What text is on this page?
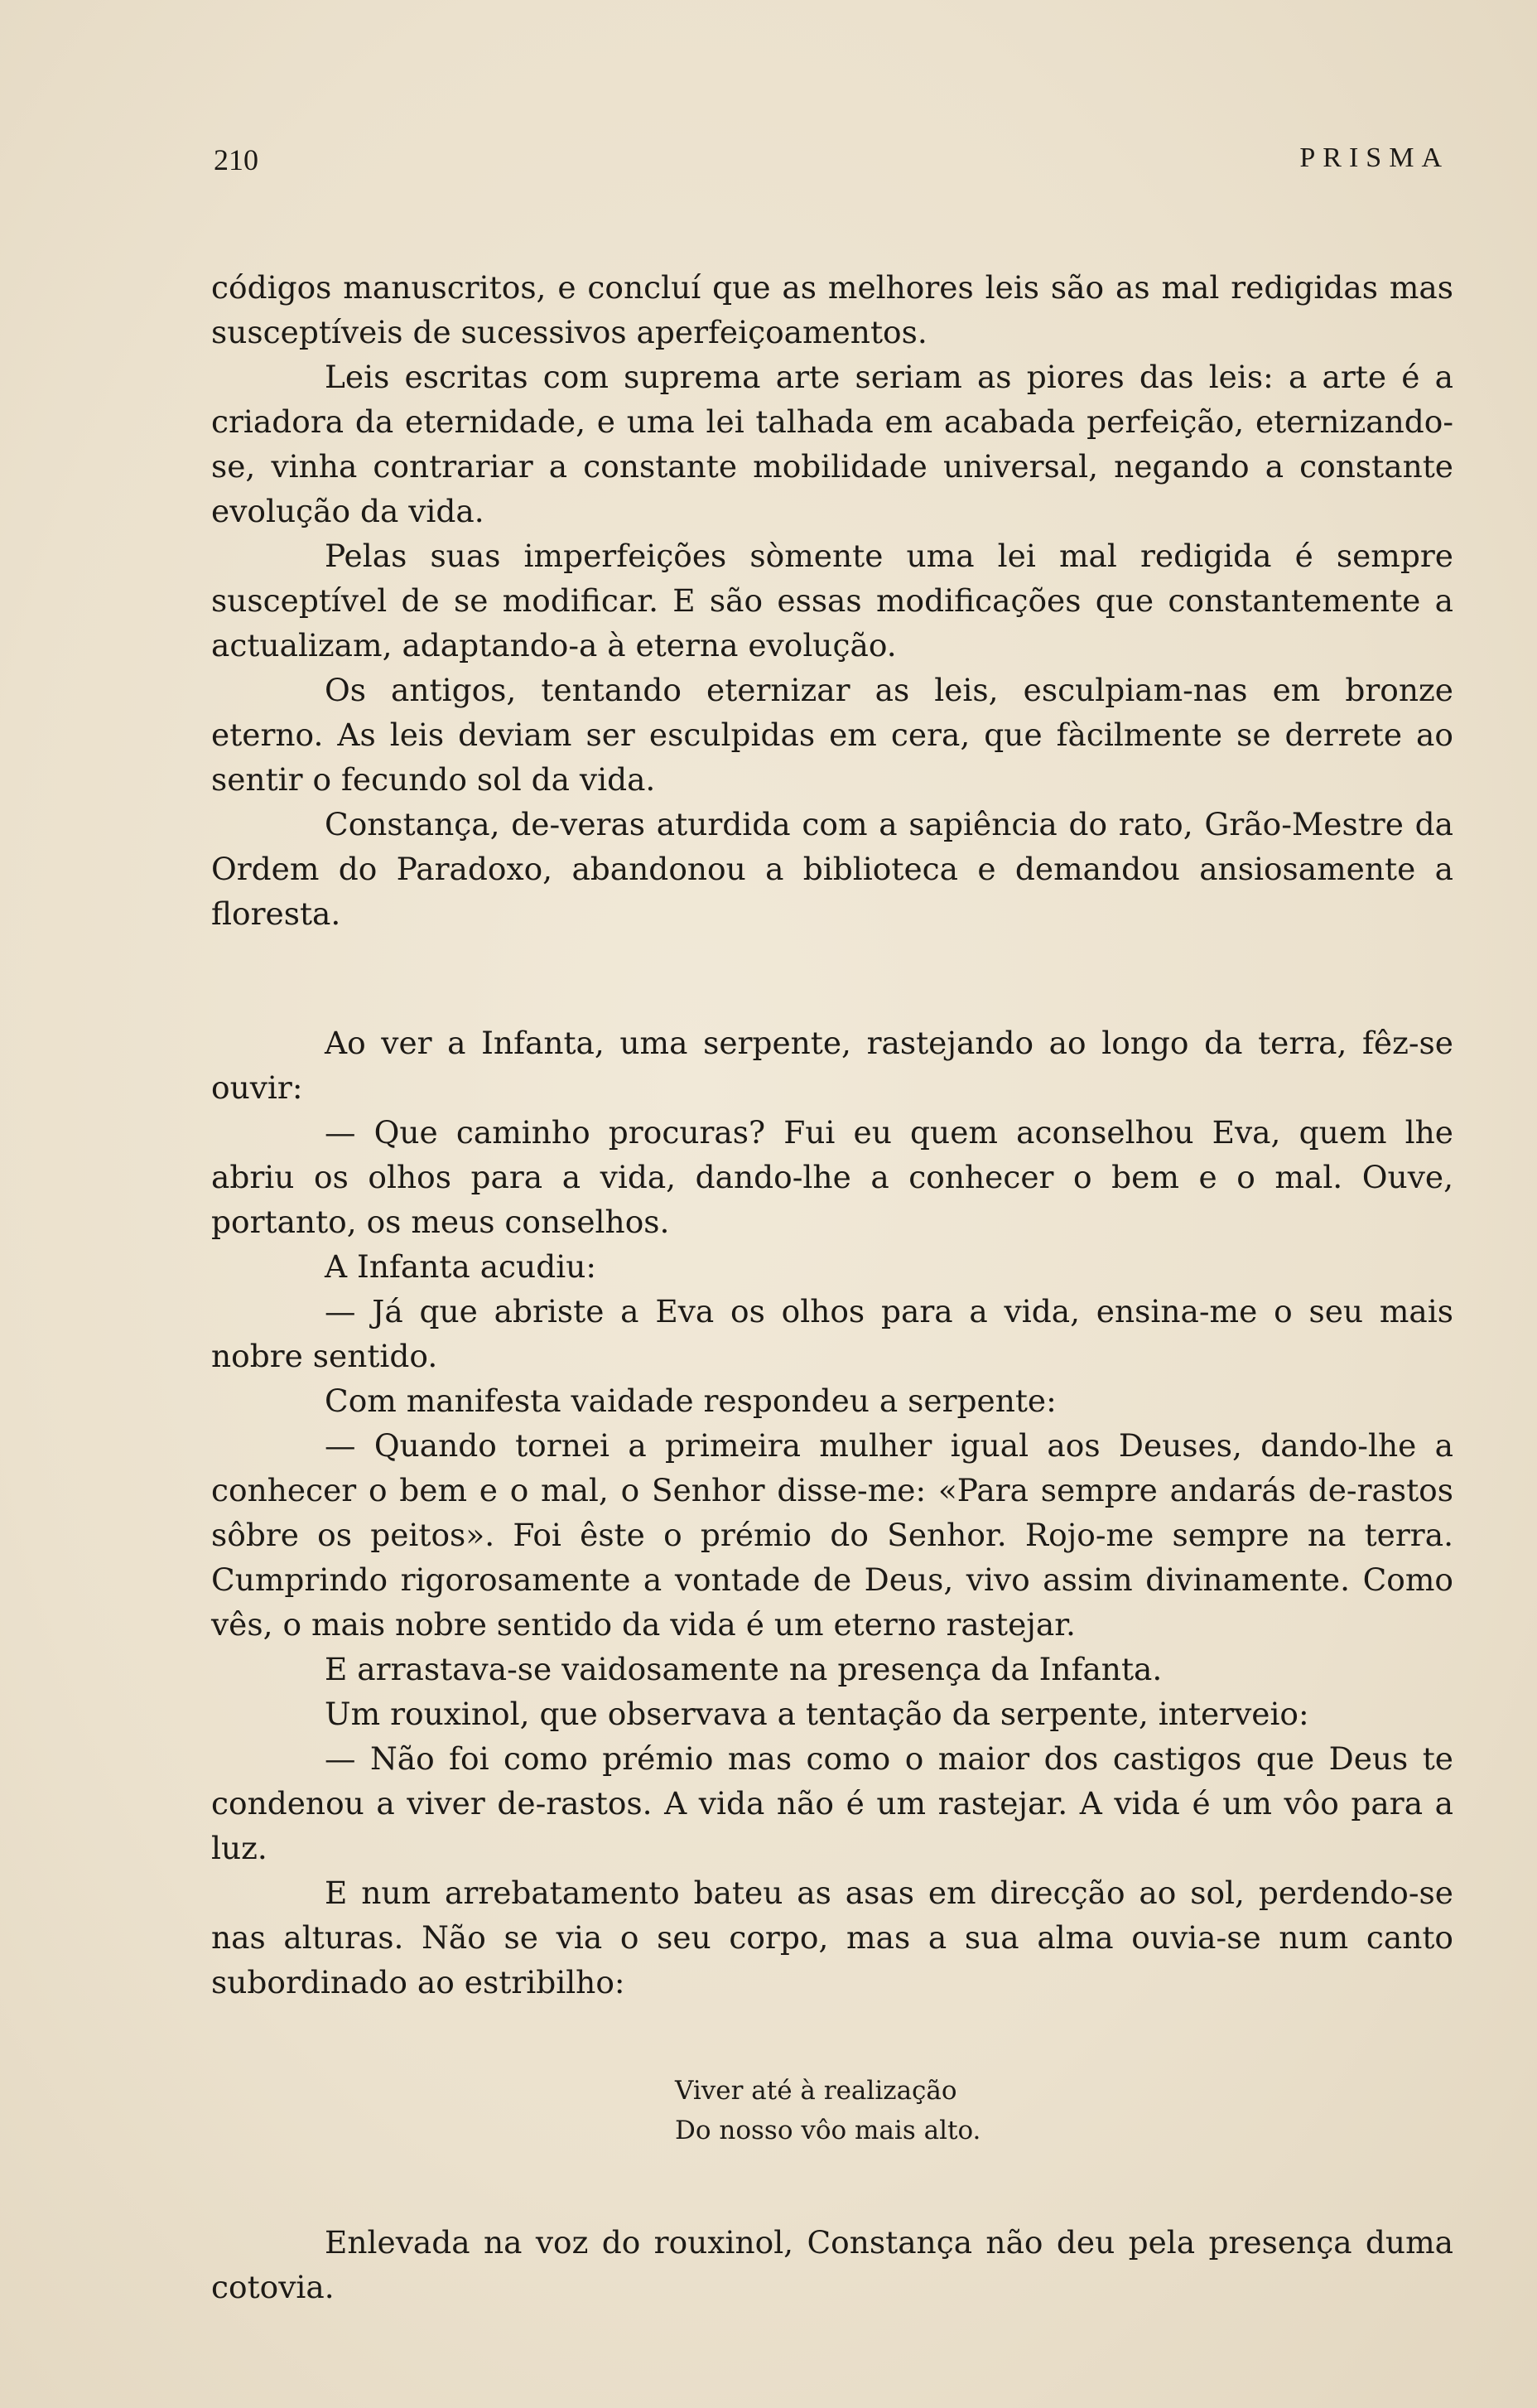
210	PRISMA

códigos manuscritos, e concluí que as melhores leis são as mal redigidas mas susceptíveis de sucessivos aperfeiçoamentos.

Leis escritas com suprema arte seriam as piores das leis: a arte é a criadora da eternidade, e uma lei talhada em acabada perfeição, eternizando-se, vinha contrariar a constante mobilidade universal, negando a constante evolução da vida.

Pelas suas imperfeições sòmente uma lei mal redigida é sempre susceptível de se modificar. E são essas modificações que constantemente a actualizam, adaptando-a à eterna evolução.

Os antigos, tentando eternizar as leis, esculpiam-nas em bronze eterno. As leis deviam ser esculpidas em cera, que fàcilmente se derrete ao sentir o fecundo sol da vida.

Constança, de-veras aturdida com a sapiência do rato, Grão-Mestre da Ordem do Paradoxo, abandonou a biblioteca e demandou ansiosamente a floresta.

Ao ver a Infanta, uma serpente, rastejando ao longo da terra, fêz-se ouvir:

— Que caminho procuras? Fui eu quem aconselhou Eva, quem lhe abriu os olhos para a vida, dando-lhe a conhecer o bem e o mal. Ouve, portanto, os meus conselhos.

A Infanta acudiu:

— Já que abriste a Eva os olhos para a vida, ensina-me o seu mais nobre sentido.

Com manifesta vaidade respondeu a serpente:

— Quando tornei a primeira mulher igual aos Deuses, dando-lhe a conhecer o bem e o mal, o Senhor disse-me: «Para sempre andarás de-rastos sôbre os peitos». Foi êste o prémio do Senhor. Rojo-me sempre na terra. Cumprindo rigorosamente a vontade de Deus, vivo assim divinamente. Como vês, o mais nobre sentido da vida é um eterno rastejar.

E arrastava-se vaidosamente na presença da Infanta.

Um rouxinol, que observava a tentação da serpente, interveio:

— Não foi como prémio mas como o maior dos castigos que Deus te condenou a viver de-rastos. A vida não é um rastejar. A vida é um vôo para a luz.

E num arrebatamento bateu as asas em direcção ao sol, perdendo-se nas alturas. Não se via o seu corpo, mas a sua alma ouvia-se num canto subordinado ao estribilho:

Viver até à realização
Do nosso vôo mais alto.

Enlevada na voz do rouxinol, Constança não deu pela presença duma cotovia.
